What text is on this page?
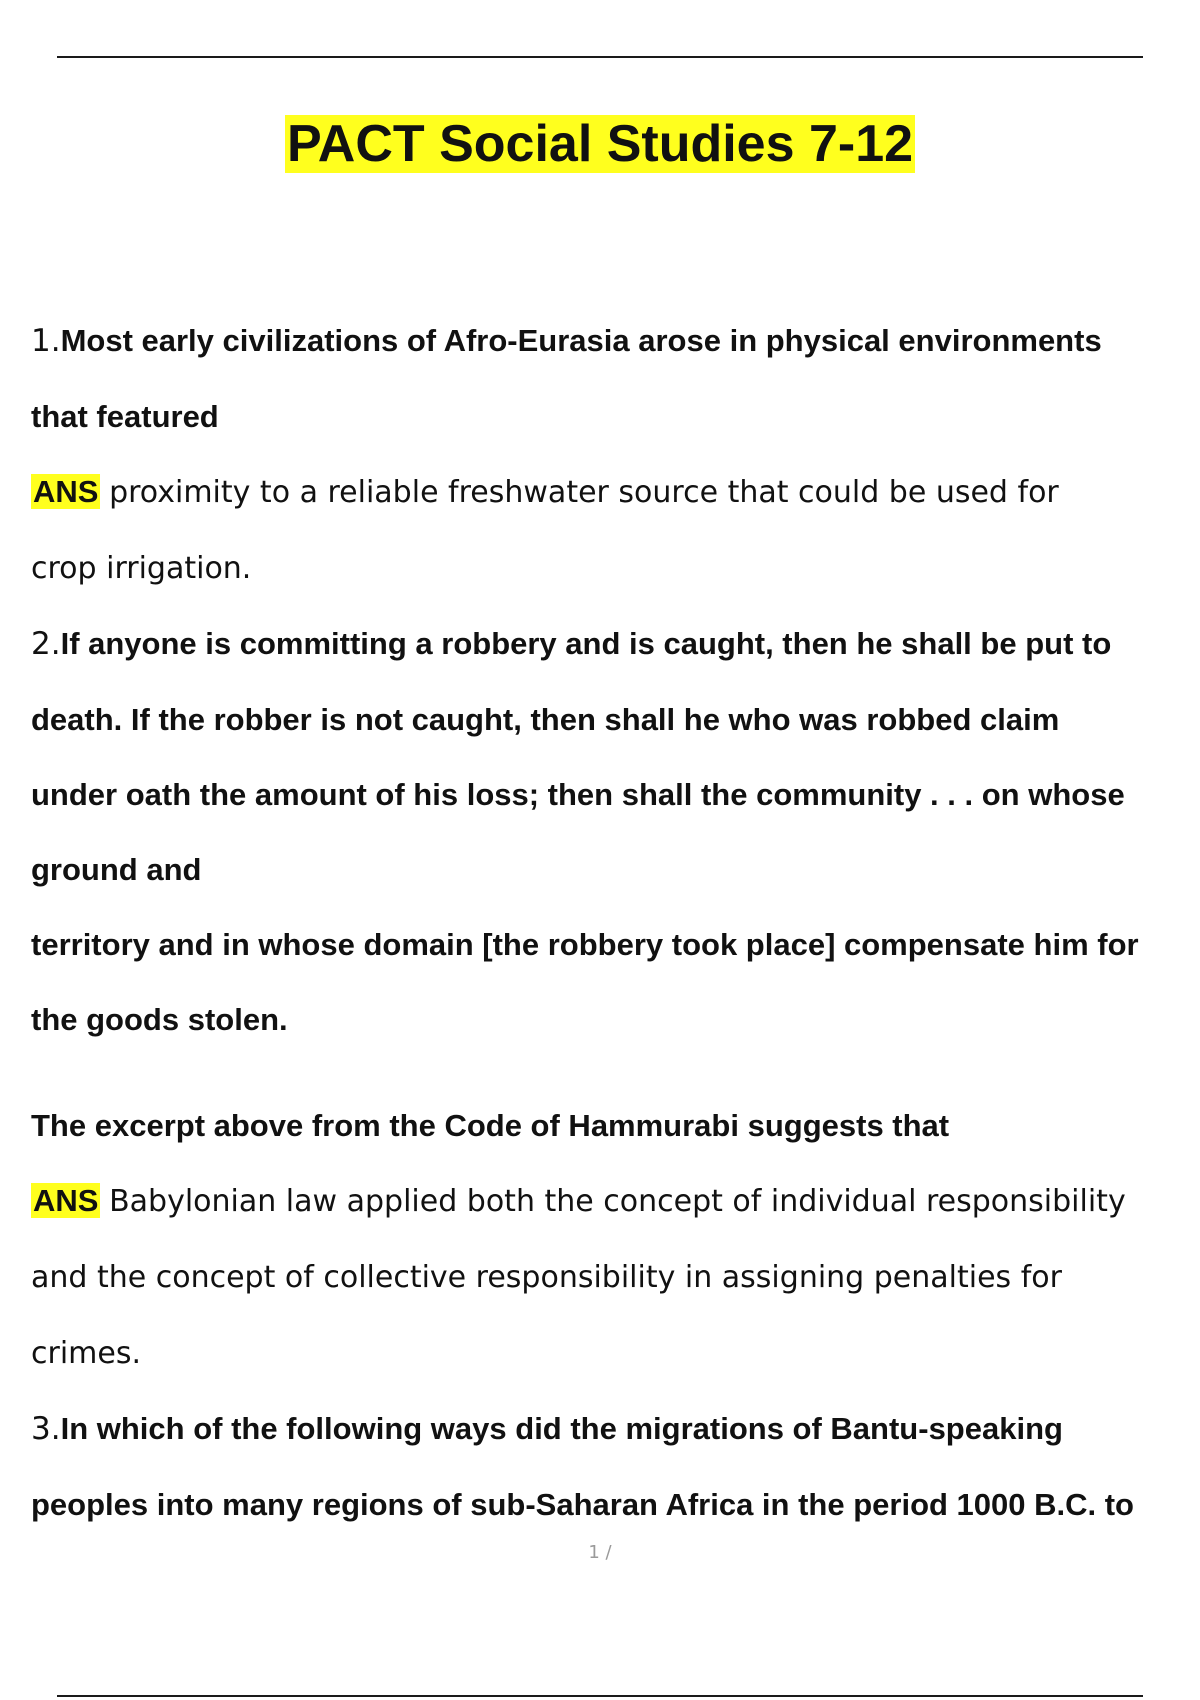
PACT Social Studies 7-12
1.Most early civilizations of Afro-Eurasia arose in physical environments
that featured
ANS proximity to a reliable freshwater source that could be used for
crop irrigation.
2.If anyone is committing a robbery and is caught, then he shall be put to
death. If the robber is not caught, then shall he who was robbed claim
under oath the amount of his loss; then shall the community . . . on whose
ground and
territory and in whose domain [the robbery took place] compensate him for
the goods stolen.
The excerpt above from the Code of Hammurabi suggests that
ANS Babylonian law applied both the concept of individual responsibility
and the concept of collective responsibility in assigning penalties for
crimes.
3.In which of the following ways did the migrations of Bantu-speaking
peoples into many regions of sub-Saharan Africa in the period 1000 B.C. to
1 /
